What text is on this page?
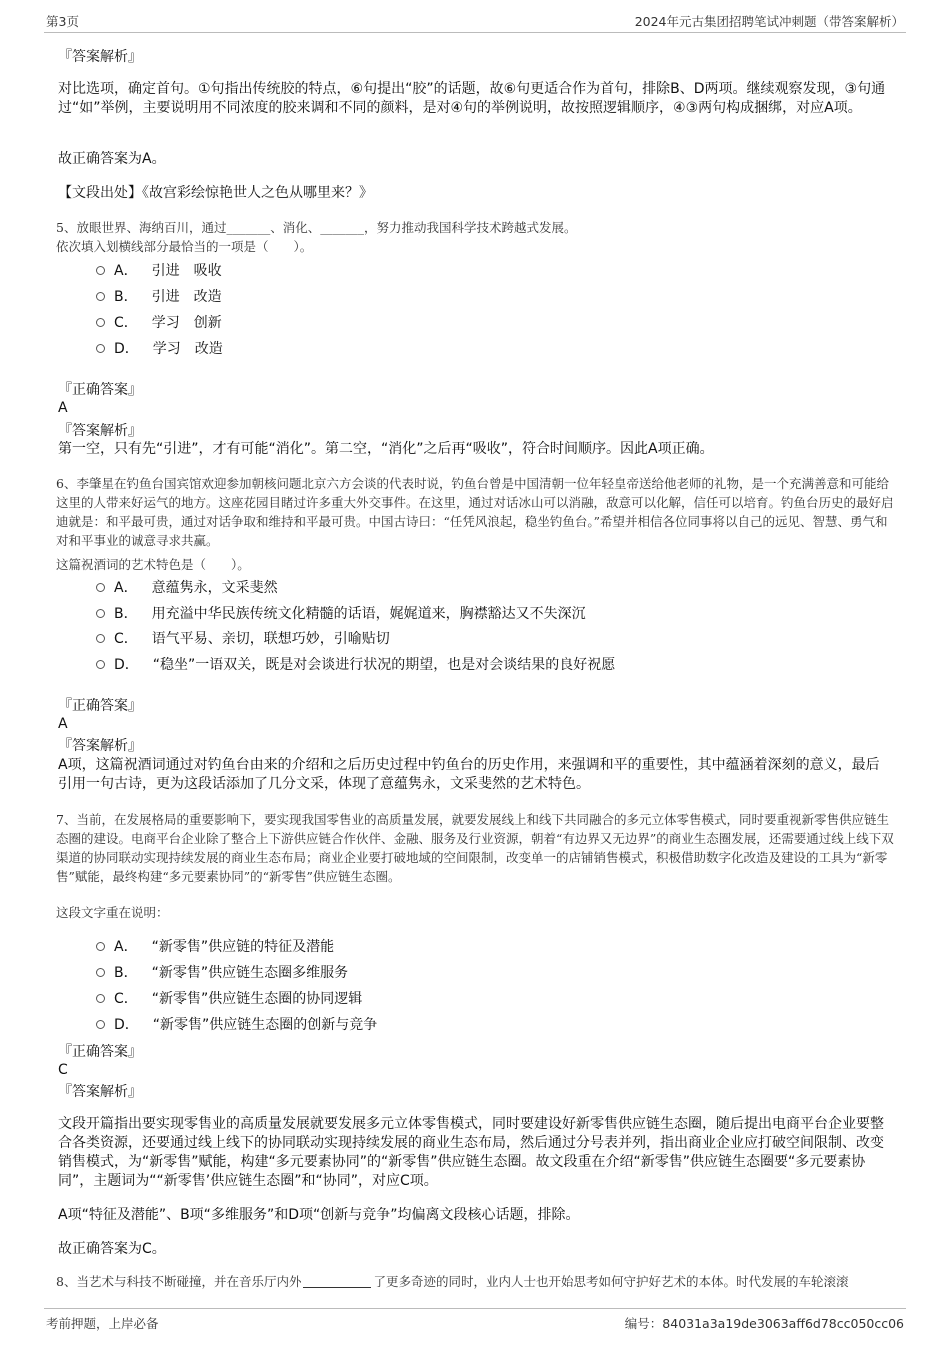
第3页	2024年元古集团招聘笔试冲刺题（带答案解析）
『答案解析』
对比选项，确定首句。①句指出传统胶的特点，⑥句提出“胶”的话题，故⑥句更适合作为首句，排除B、D两项。继续观察发现，③句通过“如”举例，主要说明用不同浓度的胶来调和不同的颜料，是对④句的举例说明，故按照逻辑顺序，④③两句构成捆绑，对应A项。
故正确答案为A。
【文段出处】《故宫彩绘惊艳世人之色从哪里来？》
5、放眼世界、海纳百川，通过_______、消化、_______，努力推动我国科学技术跨越式发展。
依次填入划横线部分最恰当的一项是（　　）。
A． 引进　吸收
B． 引进　改造
C． 学习　创新
D． 学习　改造
『正确答案』
A
『答案解析』
第一空，只有先“引进”，才有可能“消化”。第二空，“消化”之后再“吸收”，符合时间顺序。因此A项正确。
6、李肇星在钓鱼台国宾馆欢迎参加朝核问题北京六方会谈的代表时说，钓鱼台曾是中国清朝一位年轻皇帝送给他老师的礼物，是一个充满善意和可能给这里的人带来好运气的地方。这座花园目睹过许多重大外交事件。在这里，通过对话冰山可以消融，敌意可以化解，信任可以培育。钓鱼台历史的最好启迪就是：和平最可贵，通过对话争取和维持和平最可贵。中国古诗曰：“任凭风浪起，稳坐钓鱼台。”希望并相信各位同事将以自己的远见、智慧、勇气和对和平事业的诚意寻求共赢。
这篇祝酒词的艺术特色是（　　）。
A． 意蕴隽永，文采斐然
B． 用充溢中华民族传统文化精髓的话语，娓娓道来，胸襟豁达又不失深沉
C． 语气平易、亲切，联想巧妙，引喻贴切
D． “稳坐”一语双关，既是对会谈进行状况的期望，也是对会谈结果的良好祝愿
『正确答案』
A
『答案解析』
A项，这篇祝酒词通过对钓鱼台由来的介绍和之后历史过程中钓鱼台的历史作用，来强调和平的重要性，其中蕴涵着深刻的意义，最后引用一句古诗，更为这段话添加了几分文采，体现了意蕴隽永，文采斐然的艺术特色。
7、当前，在发展格局的重要影响下，要实现我国零售业的高质量发展，就要发展线上和线下共同融合的多元立体零售模式，同时要重视新零售供应链生态圈的建设。电商平台企业除了整合上下游供应链合作伙伴、金融、服务及行业资源，朝着“有边界又无边界”的商业生态圈发展，还需要通过线上线下双渠道的协同联动实现持续发展的商业生态布局；商业企业要打破地域的空间限制，改变单一的店铺销售模式，积极借助数字化改造及建设的工具为“新零售”赋能，最终构建“多元要素协同”的“新零售”供应链生态圈。
这段文字重在说明：
A． “新零售”供应链的特征及潜能
B． “新零售”供应链生态圈多维服务
C． “新零售”供应链生态圈的协同逻辑
D． “新零售”供应链生态圈的创新与竞争
『正确答案』
C
『答案解析』
文段开篇指出要实现零售业的高质量发展就要发展多元立体零售模式，同时要建设好新零售供应链生态圈，随后提出电商平台企业要整合各类资源，还要通过线上线下的协同联动实现持续发展的商业生态布局，然后通过分号表并列，指出商业企业应打破空间限制、改变销售模式，为“新零售”赋能，构建“多元要素协同”的“新零售”供应链生态圈。故文段重在介绍“新零售”供应链生态圈要“多元要素协同”，主题词为““新零售’供应链生态圈”和“协同”，对应C项。
A项“特征及潜能”、B项“多维服务”和D项“创新与竞争”均偏离文段核心话题，排除。
故正确答案为C。
8、当艺术与科技不断碰撞，并在音乐厅内外	了更多奇迹的同时，业内人士也开始思考如何守护好艺术的本体。时代发展的车轮滚滚
考前押题，上岸必备	编号：84031a3a19de3063aff6d78cc050cc06
